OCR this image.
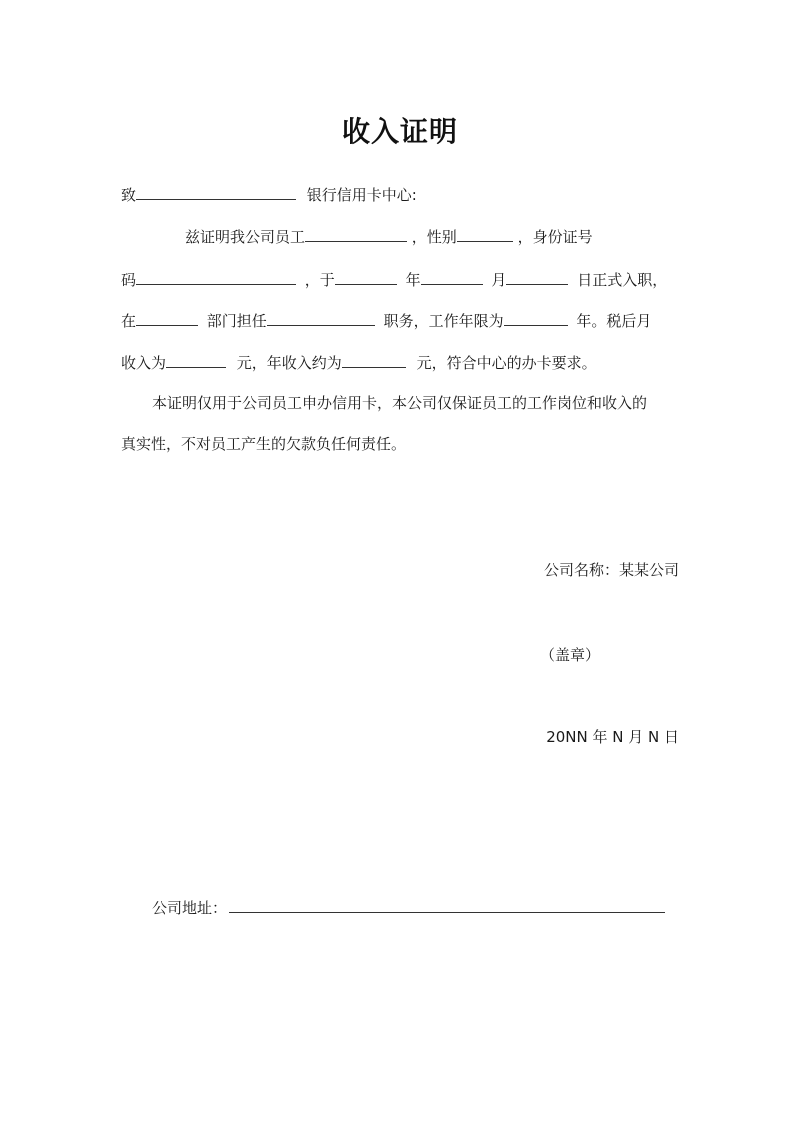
收入证明
致	银行信用卡中心:
兹证明我公司员工	，性别	，身份证号
码	，于	年	月	日正式入职，
在	部门担任	职务，工作年限为	年。税后月
收入为	元，年收入约为	元，符合中心的办卡要求。
本证明仅用于公司员工申办信用卡，本公司仅保证员工的工作岗位和收入的
真实性，不对员工产生的欠款负任何责任。
公司名称：某某公司
（盖章）
20NN 年 N 月 N 日
公司地址：
